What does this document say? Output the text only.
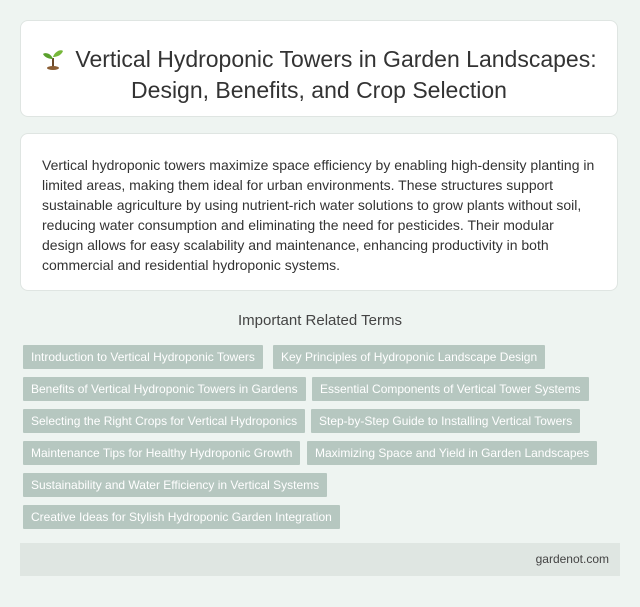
Vertical Hydroponic Towers in Garden Landscapes: Design, Benefits, and Crop Selection

Vertical hydroponic towers maximize space efficiency by enabling high-density planting in limited areas, making them ideal for urban environments. These structures support sustainable agriculture by using nutrient-rich water solutions to grow plants without soil, reducing water consumption and eliminating the need for pesticides. Their modular design allows for easy scalability and maintenance, enhancing productivity in both commercial and residential hydroponic systems.

Important Related Terms
Introduction to Vertical Hydroponic Towers	Key Principles of Hydroponic Landscape Design
Benefits of Vertical Hydroponic Towers in Gardens	Essential Components of Vertical Tower Systems
Selecting the Right Crops for Vertical Hydroponics	Step-by-Step Guide to Installing Vertical Towers
Maintenance Tips for Healthy Hydroponic Growth	Maximizing Space and Yield in Garden Landscapes
Sustainability and Water Efficiency in Vertical Systems
Creative Ideas for Stylish Hydroponic Garden Integration
gardenot.com
